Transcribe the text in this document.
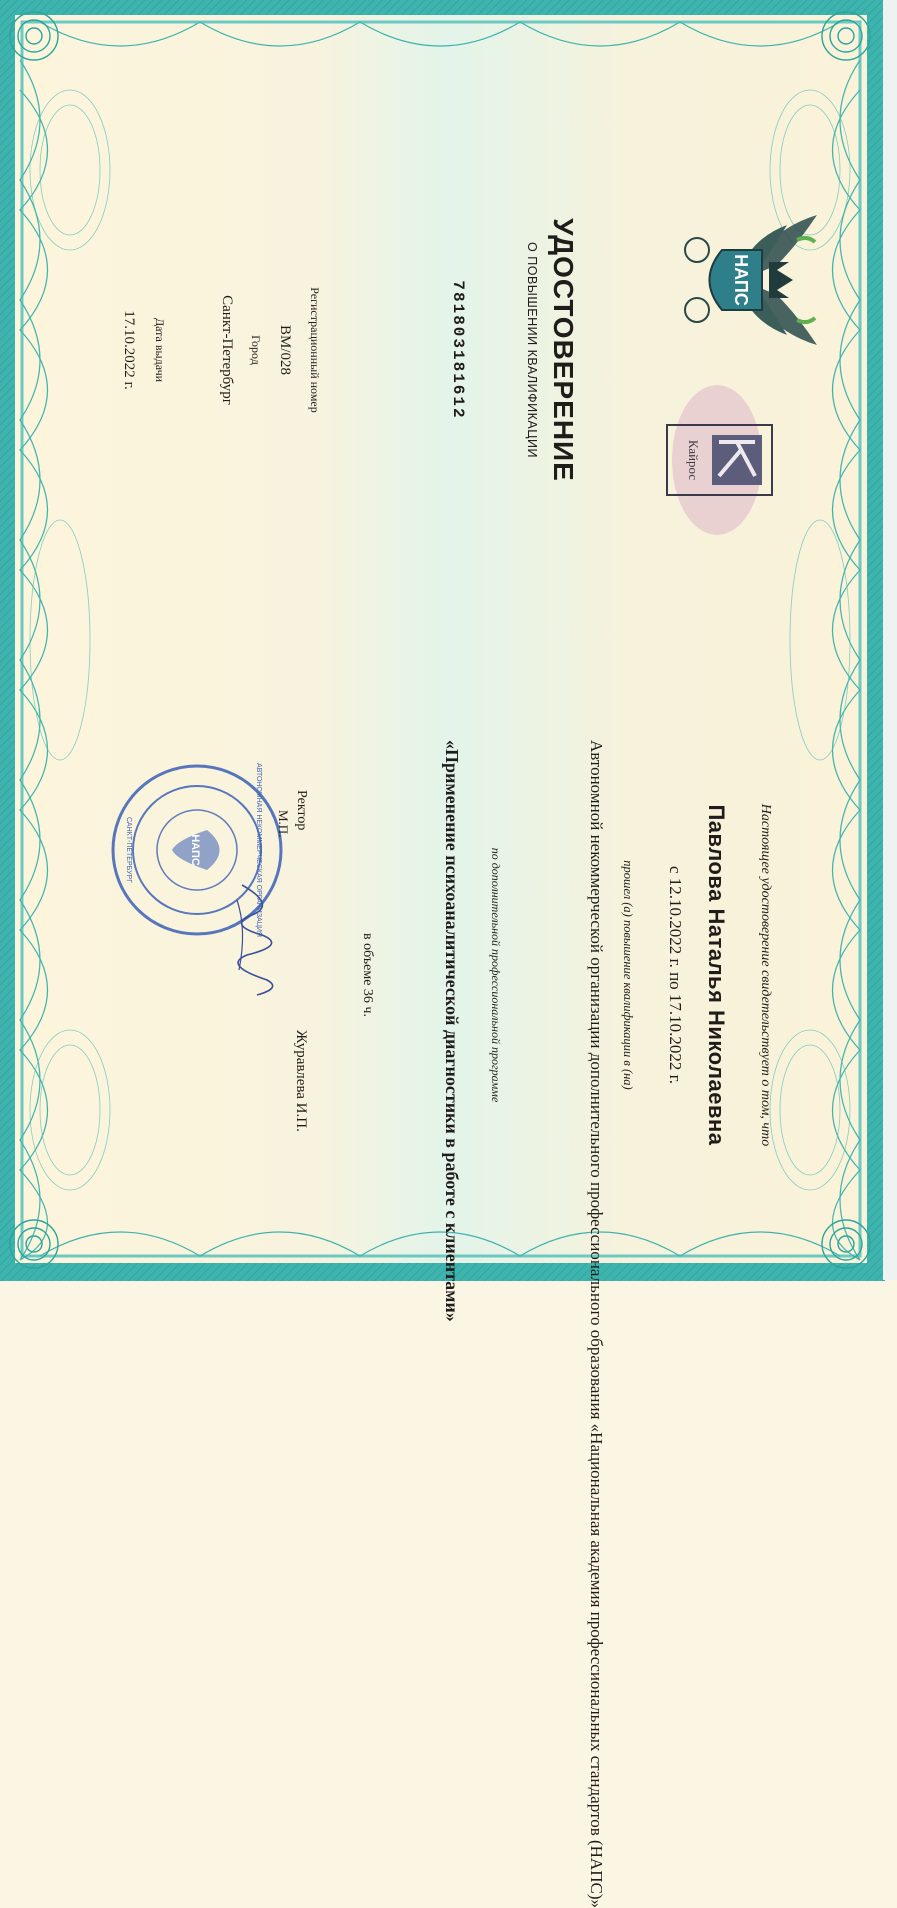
НАПС
Кайрос
УДОСТОВЕРЕНИЕ
О ПОВЫШЕНИИ КВАЛИФИКАЦИИ
781803181612
Регистрационный номер
ВМ/028
Город
Санкт-Петербург
Дата выдачи
17.10.2022 г.
Настоящее удостоверение свидетельствует о том, что
Павлова Наталья Николаевна
с 12.10.2022 г. по 17.10.2022 г.
прошел (а) повышение квалификации в (на)
Автономной некоммерческой организации дополнительного профессионального образования «Национальная академия профессиональных стандартов (НАПС)»
по дополнительной профессиональной программе
«Применение психоаналитической диагностики в работе с клиентами»
в объеме 36 ч.
НАПС	АВТОНОМНАЯ НЕКОММЕРЧЕСКАЯ ОРГАНИЗАЦИЯ
САНКТ-ПЕТЕРБУРГ
Ректор
М.П.
Журавлева И.П.
